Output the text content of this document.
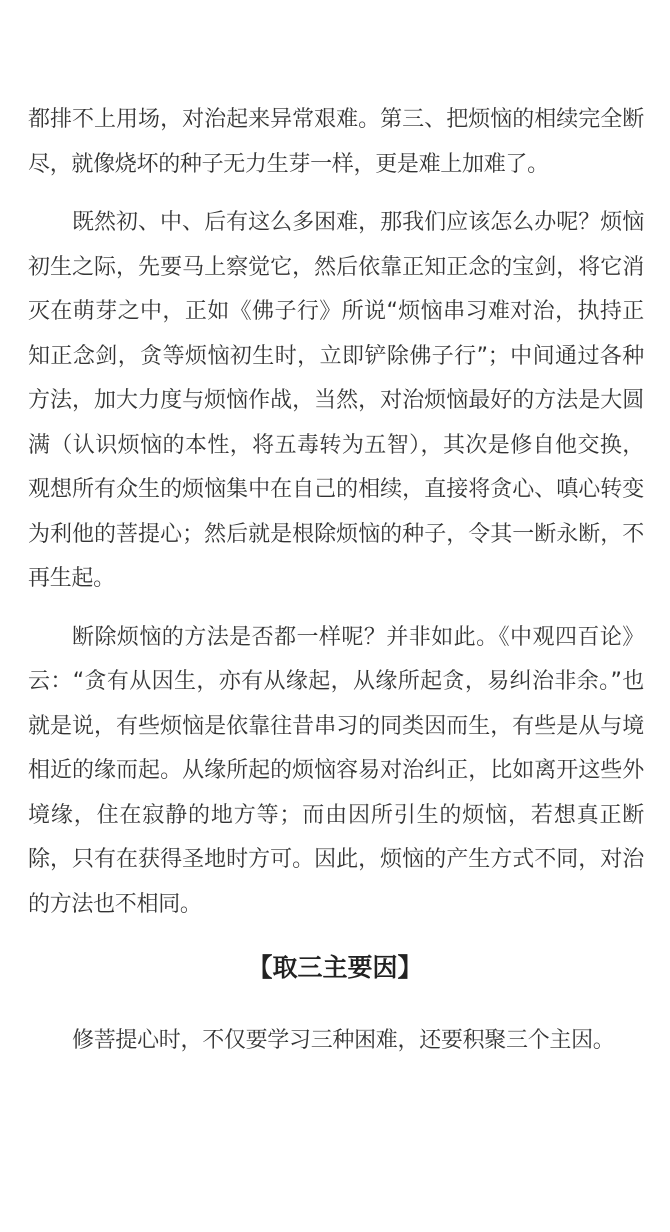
都排不上用场，对治起来异常艰难。第三、把烦恼的相续完全断尽，就像烧坏的种子无力生芽一样，更是难上加难了。

既然初、中、后有这么多困难，那我们应该怎么办呢？烦恼初生之际，先要马上察觉它，然后依靠正知正念的宝剑，将它消灭在萌芽之中，正如《佛子行》所说“烦恼串习难对治，执持正知正念剑，贪等烦恼初生时，立即铲除佛子行”；中间通过各种方法，加大力度与烦恼作战，当然，对治烦恼最好的方法是大圆满（认识烦恼的本性，将五毒转为五智），其次是修自他交换，观想所有众生的烦恼集中在自己的相续，直接将贪心、嗔心转变为利他的菩提心；然后就是根除烦恼的种子，令其一断永断，不再生起。

断除烦恼的方法是否都一样呢？并非如此。《中观四百论》云：“贪有从因生，亦有从缘起，从缘所起贪，易纠治非余。”也就是说，有些烦恼是依靠往昔串习的同类因而生，有些是从与境相近的缘而起。从缘所起的烦恼容易对治纠正，比如离开这些外境缘，住在寂静的地方等；而由因所引生的烦恼，若想真正断除，只有在获得圣地时方可。因此，烦恼的产生方式不同，对治的方法也不相同。

【取三主要因】

修菩提心时，不仅要学习三种困难，还要积聚三个主因。
